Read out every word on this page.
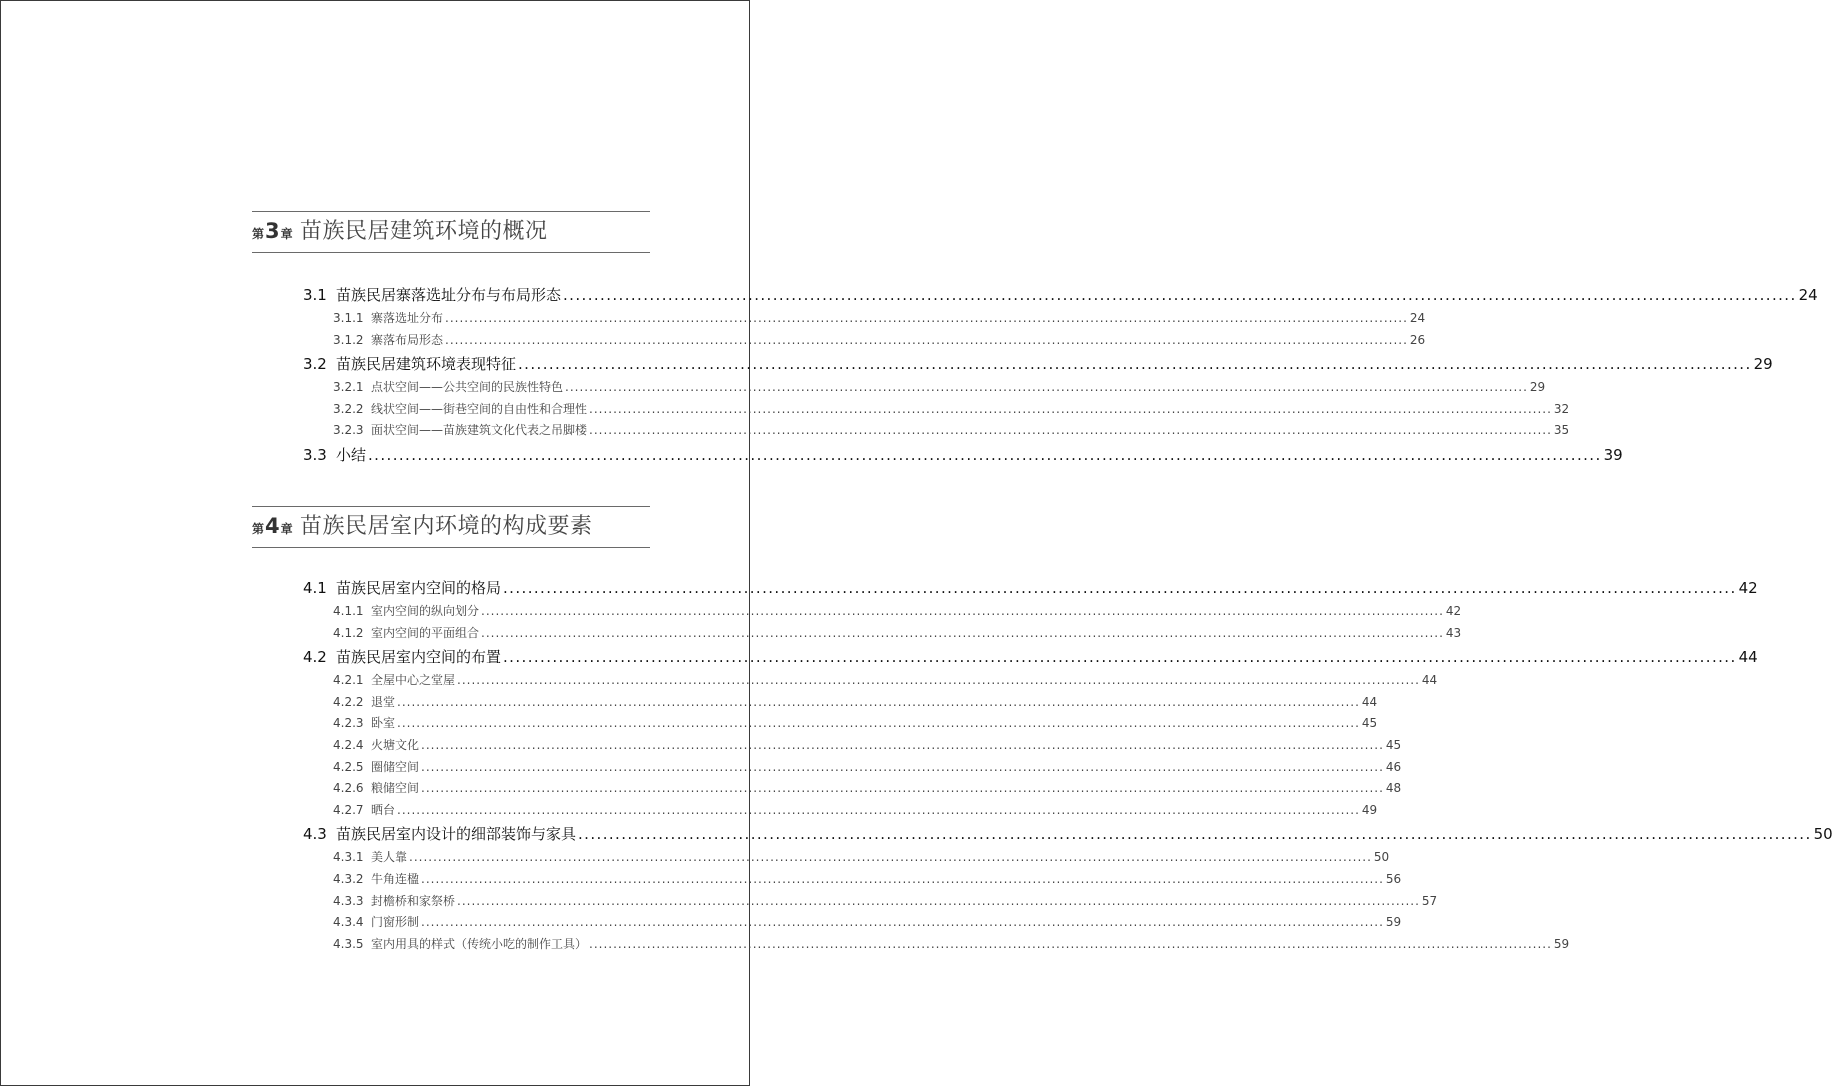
第 3 章 苗族民居建筑环境的概况
3.1 苗族民居寨落选址分布与布局形态 ........................................................................................................................................................................................................ 24
3.1.1 寨落选址分布 ........................................................................................................................................................................................................ 24
3.1.2 寨落布局形态 ........................................................................................................................................................................................................ 26
3.2 苗族民居建筑环境表现特征 ........................................................................................................................................................................................................ 29
3.2.1 点状空间——公共空间的民族性特色 ........................................................................................................................................................................................................ 29
3.2.2 线状空间——街巷空间的自由性和合理性 ........................................................................................................................................................................................................ 32
3.2.3 面状空间——苗族建筑文化代表之吊脚楼 ........................................................................................................................................................................................................ 35
3.3 小结 ........................................................................................................................................................................................................ 39
第 4 章 苗族民居室内环境的构成要素
4.1 苗族民居室内空间的格局 ........................................................................................................................................................................................................ 42
4.1.1 室内空间的纵向划分 ........................................................................................................................................................................................................ 42
4.1.2 室内空间的平面组合 ........................................................................................................................................................................................................ 43
4.2 苗族民居室内空间的布置 ........................................................................................................................................................................................................ 44
4.2.1 全屋中心之堂屋 ........................................................................................................................................................................................................ 44
4.2.2 退堂 ........................................................................................................................................................................................................ 44
4.2.3 卧室 ........................................................................................................................................................................................................ 45
4.2.4 火塘文化 ........................................................................................................................................................................................................ 45
4.2.5 圈储空间 ........................................................................................................................................................................................................ 46
4.2.6 粮储空间 ........................................................................................................................................................................................................ 48
4.2.7 晒台 ........................................................................................................................................................................................................ 49
4.3 苗族民居室内设计的细部装饰与家具 ........................................................................................................................................................................................................ 50
4.3.1 美人靠 ........................................................................................................................................................................................................ 50
4.3.2 牛角连楹 ........................................................................................................................................................................................................ 56
4.3.3 封檐桥和家祭桥 ........................................................................................................................................................................................................ 57
4.3.4 门窗形制 ........................................................................................................................................................................................................ 59
4.3.5 室内用具的样式（传统小吃的制作工具） ........................................................................................................................................................................................................ 59
